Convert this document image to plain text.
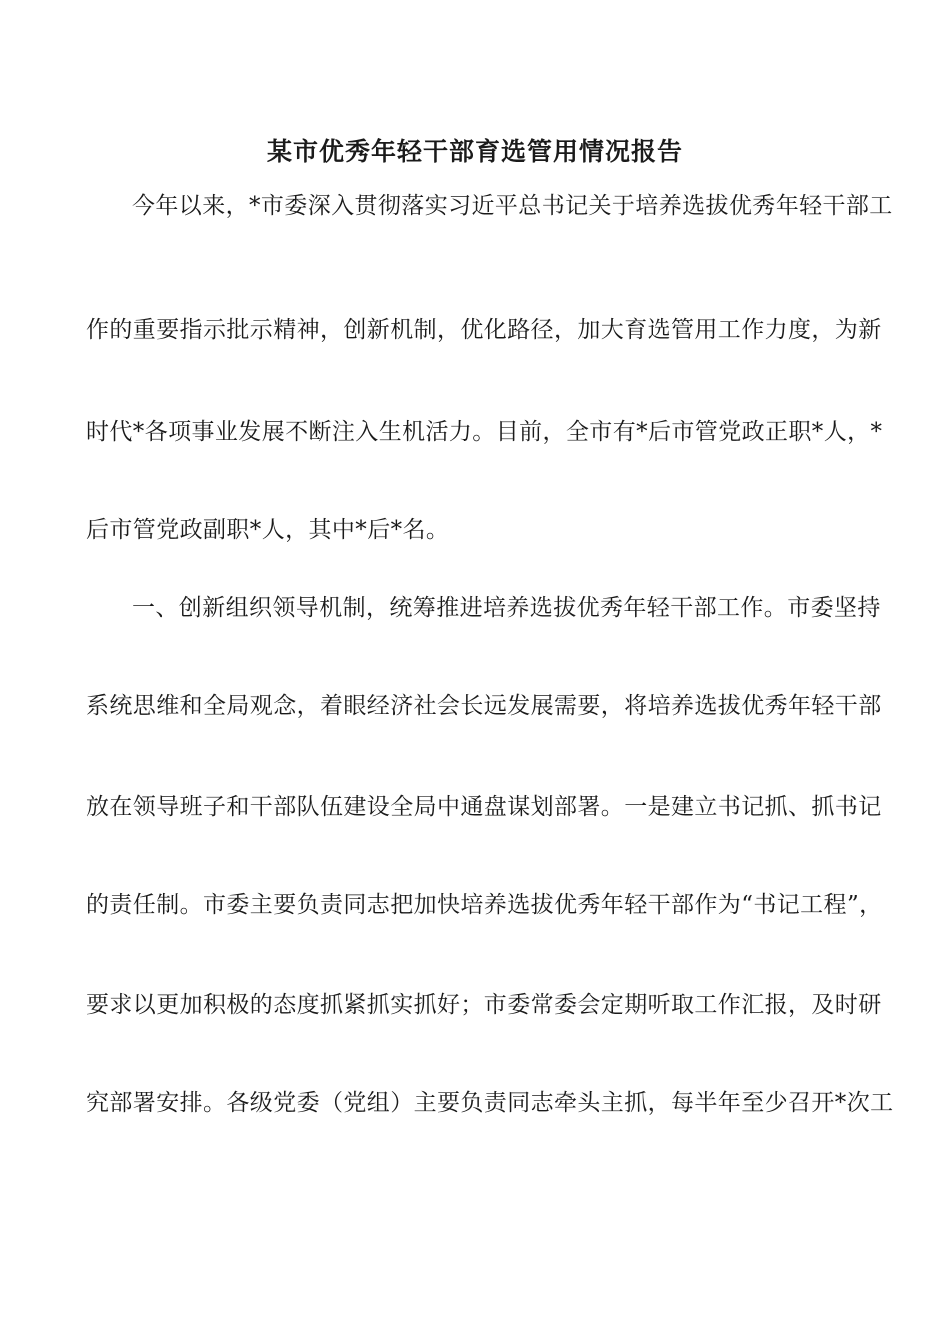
某市优秀年轻干部育选管用情况报告
今年以来，*市委深入贯彻落实习近平总书记关于培养选拔优秀年轻干部工
作的重要指示批示精神，创新机制，优化路径，加大育选管用工作力度，为新
时代*各项事业发展不断注入生机活力。目前，全市有*后市管党政正职*人，*
后市管党政副职*人，其中*后*名。
一、创新组织领导机制，统筹推进培养选拔优秀年轻干部工作。市委坚持
系统思维和全局观念，着眼经济社会长远发展需要，将培养选拔优秀年轻干部
放在领导班子和干部队伍建设全局中通盘谋划部署。一是建立书记抓、抓书记
的责任制。市委主要负责同志把加快培养选拔优秀年轻干部作为“书记工程”，
要求以更加积极的态度抓紧抓实抓好；市委常委会定期听取工作汇报，及时研
究部署安排。各级党委（党组）主要负责同志牵头主抓，每半年至少召开*次工
